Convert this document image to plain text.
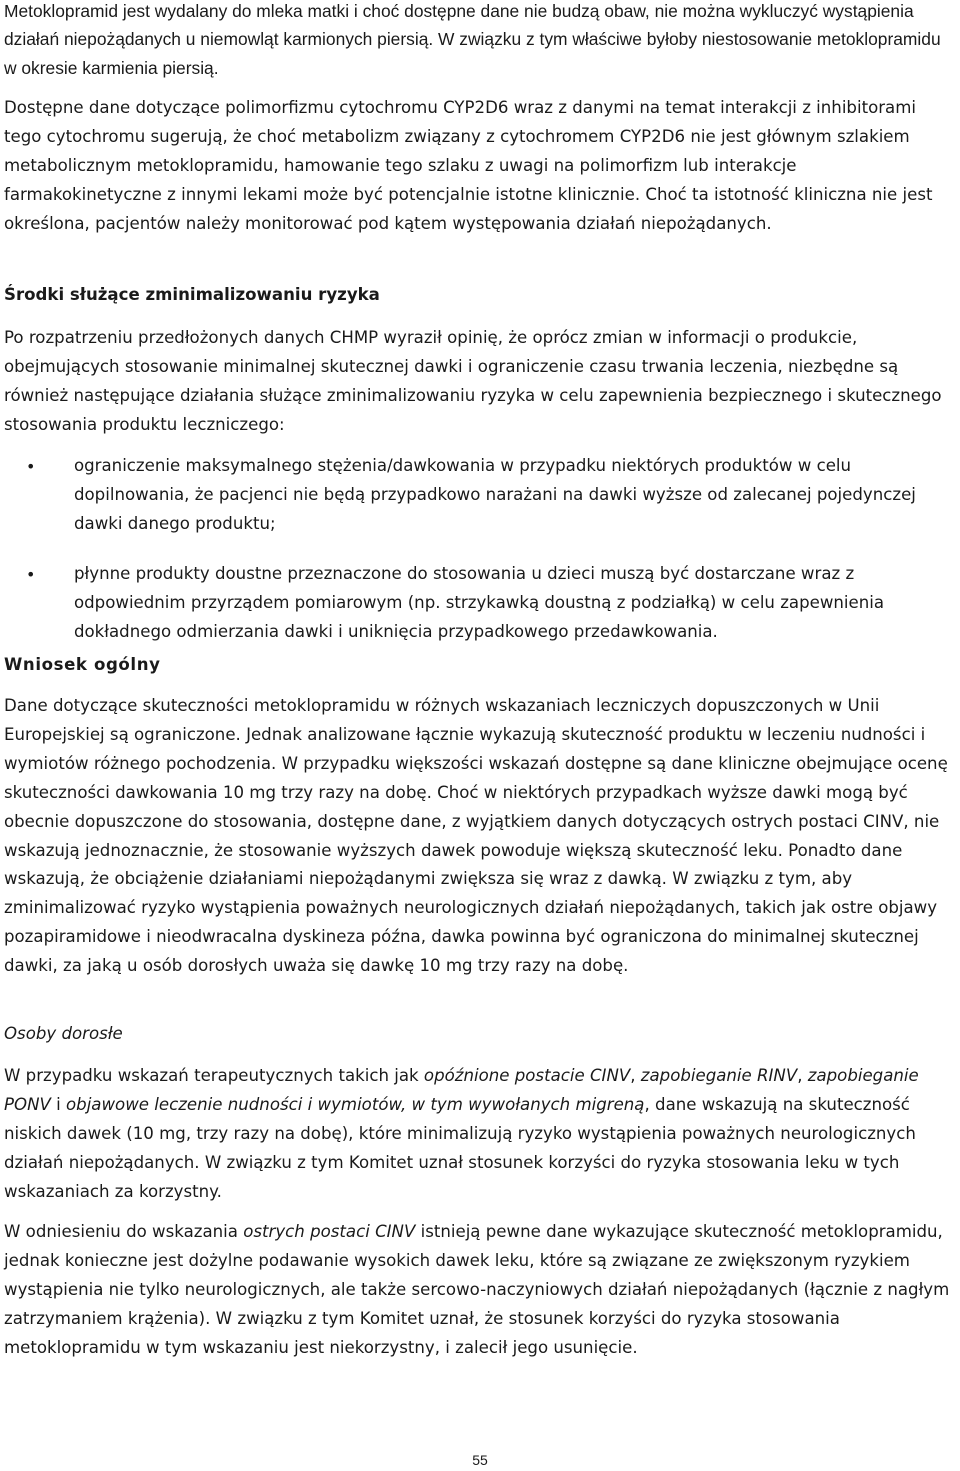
Metoklopramid jest wydalany do mleka matki i choć dostępne dane nie budzą obaw, nie można wykluczyć wystąpienia działań niepożądanych u niemowląt karmionych piersią. W związku z tym właściwe byłoby niestosowanie metoklopramidu w okresie karmienia piersią.

Dostępne dane dotyczące polimorfizmu cytochromu CYP2D6 wraz z danymi na temat interakcji z inhibitorami tego cytochromu sugerują, że choć metabolizm związany z cytochromem CYP2D6 nie jest głównym szlakiem metabolicznym metoklopramidu, hamowanie tego szlaku z uwagi na polimorfizm lub interakcje farmakokinetyczne z innymi lekami może być potencjalnie istotne klinicznie. Choć ta istotność kliniczna nie jest określona, pacjentów należy monitorować pod kątem występowania działań niepożądanych.

Środki służące zminimalizowaniu ryzyka

Po rozpatrzeniu przedłożonych danych CHMP wyraził opinię, że oprócz zmian w informacji o produkcie, obejmujących stosowanie minimalnej skutecznej dawki i ograniczenie czasu trwania leczenia, niezbędne są również następujące działania służące zminimalizowaniu ryzyka w celu zapewnienia bezpiecznego i skutecznego stosowania produktu leczniczego:

• ograniczenie maksymalnego stężenia/dawkowania w przypadku niektórych produktów w celu dopilnowania, że pacjenci nie będą przypadkowo narażani na dawki wyższe od zalecanej pojedynczej dawki danego produktu;
• płynne produkty doustne przeznaczone do stosowania u dzieci muszą być dostarczane wraz z odpowiednim przyrządem pomiarowym (np. strzykawką doustną z podziałką) w celu zapewnienia dokładnego odmierzania dawki i uniknięcia przypadkowego przedawkowania.
Wniosek ogólny

Dane dotyczące skuteczności metoklopramidu w różnych wskazaniach leczniczych dopuszczonych w Unii Europejskiej są ograniczone. Jednak analizowane łącznie wykazują skuteczność produktu w leczeniu nudności i wymiotów różnego pochodzenia. W przypadku większości wskazań dostępne są dane kliniczne obejmujące ocenę skuteczności dawkowania 10 mg trzy razy na dobę. Choć w niektórych przypadkach wyższe dawki mogą być obecnie dopuszczone do stosowania, dostępne dane, z wyjątkiem danych dotyczących ostrych postaci CINV, nie wskazują jednoznacznie, że stosowanie wyższych dawek powoduje większą skuteczność leku. Ponadto dane wskazują, że obciążenie działaniami niepożądanymi zwiększa się wraz z dawką. W związku z tym, aby zminimalizować ryzyko wystąpienia poważnych neurologicznych działań niepożądanych, takich jak ostre objawy pozapiramidowe i nieodwracalna dyskineza późna, dawka powinna być ograniczona do minimalnej skutecznej dawki, za jaką u osób dorosłych uważa się dawkę 10 mg trzy razy na dobę.

Osoby dorosłe

W przypadku wskazań terapeutycznych takich jak opóźnione postacie CINV, zapobieganie RINV, zapobieganie PONV i objawowe leczenie nudności i wymiotów, w tym wywołanych migreną, dane wskazują na skuteczność niskich dawek (10 mg, trzy razy na dobę), które minimalizują ryzyko wystąpienia poważnych neurologicznych działań niepożądanych. W związku z tym Komitet uznał stosunek korzyści do ryzyka stosowania leku w tych wskazaniach za korzystny.

W odniesieniu do wskazania ostrych postaci CINV istnieją pewne dane wykazujące skuteczność metoklopramidu, jednak konieczne jest dożylne podawanie wysokich dawek leku, które są związane ze zwiększonym ryzykiem wystąpienia nie tylko neurologicznych, ale także sercowo-naczyniowych działań niepożądanych (łącznie z nagłym zatrzymaniem krążenia). W związku z tym Komitet uznał, że stosunek korzyści do ryzyka stosowania metoklopramidu w tym wskazaniu jest niekorzystny, i zalecił jego usunięcie.

55
